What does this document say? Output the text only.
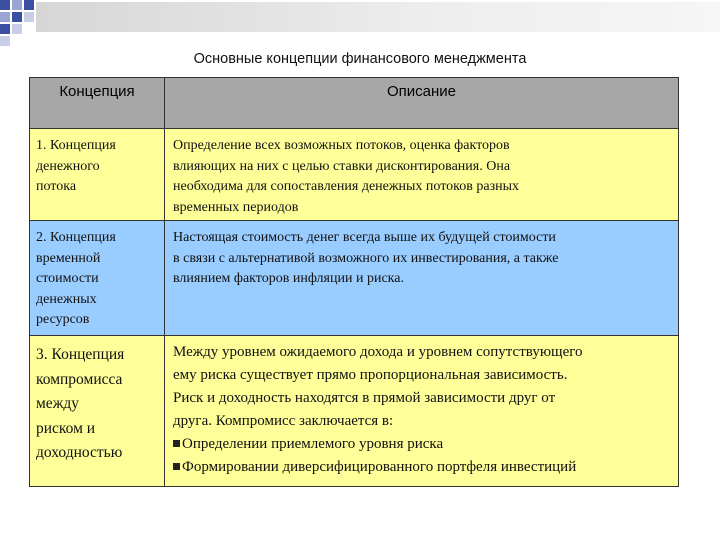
Основные концепции финансового менеджмента
Концепция	Описание
1. Концепция
денежного
потока
Определение всех возможных потоков, оценка факторов
влияющих на них с целью ставки дисконтирования. Она
необходима для сопоставления денежных потоков разных
временных периодов
2. Концепция
временной
стоимости
денежных
ресурсов
Настоящая стоимость денег всегда выше их будущей стоимости
в связи с альтернативой возможного их инвестирования, а также
влиянием факторов инфляции и риска.
3. Концепция
компромисса
между
риском и
доходностью
Между уровнем ожидаемого дохода и уровнем сопутствующего
ему риска существует прямо пропорциональная зависимость.
Риск и доходность находятся в прямой зависимости друг от
друга. Компромисс заключается в:
Определении приемлемого уровня риска
Формировании диверсифицированного портфеля инвестиций
